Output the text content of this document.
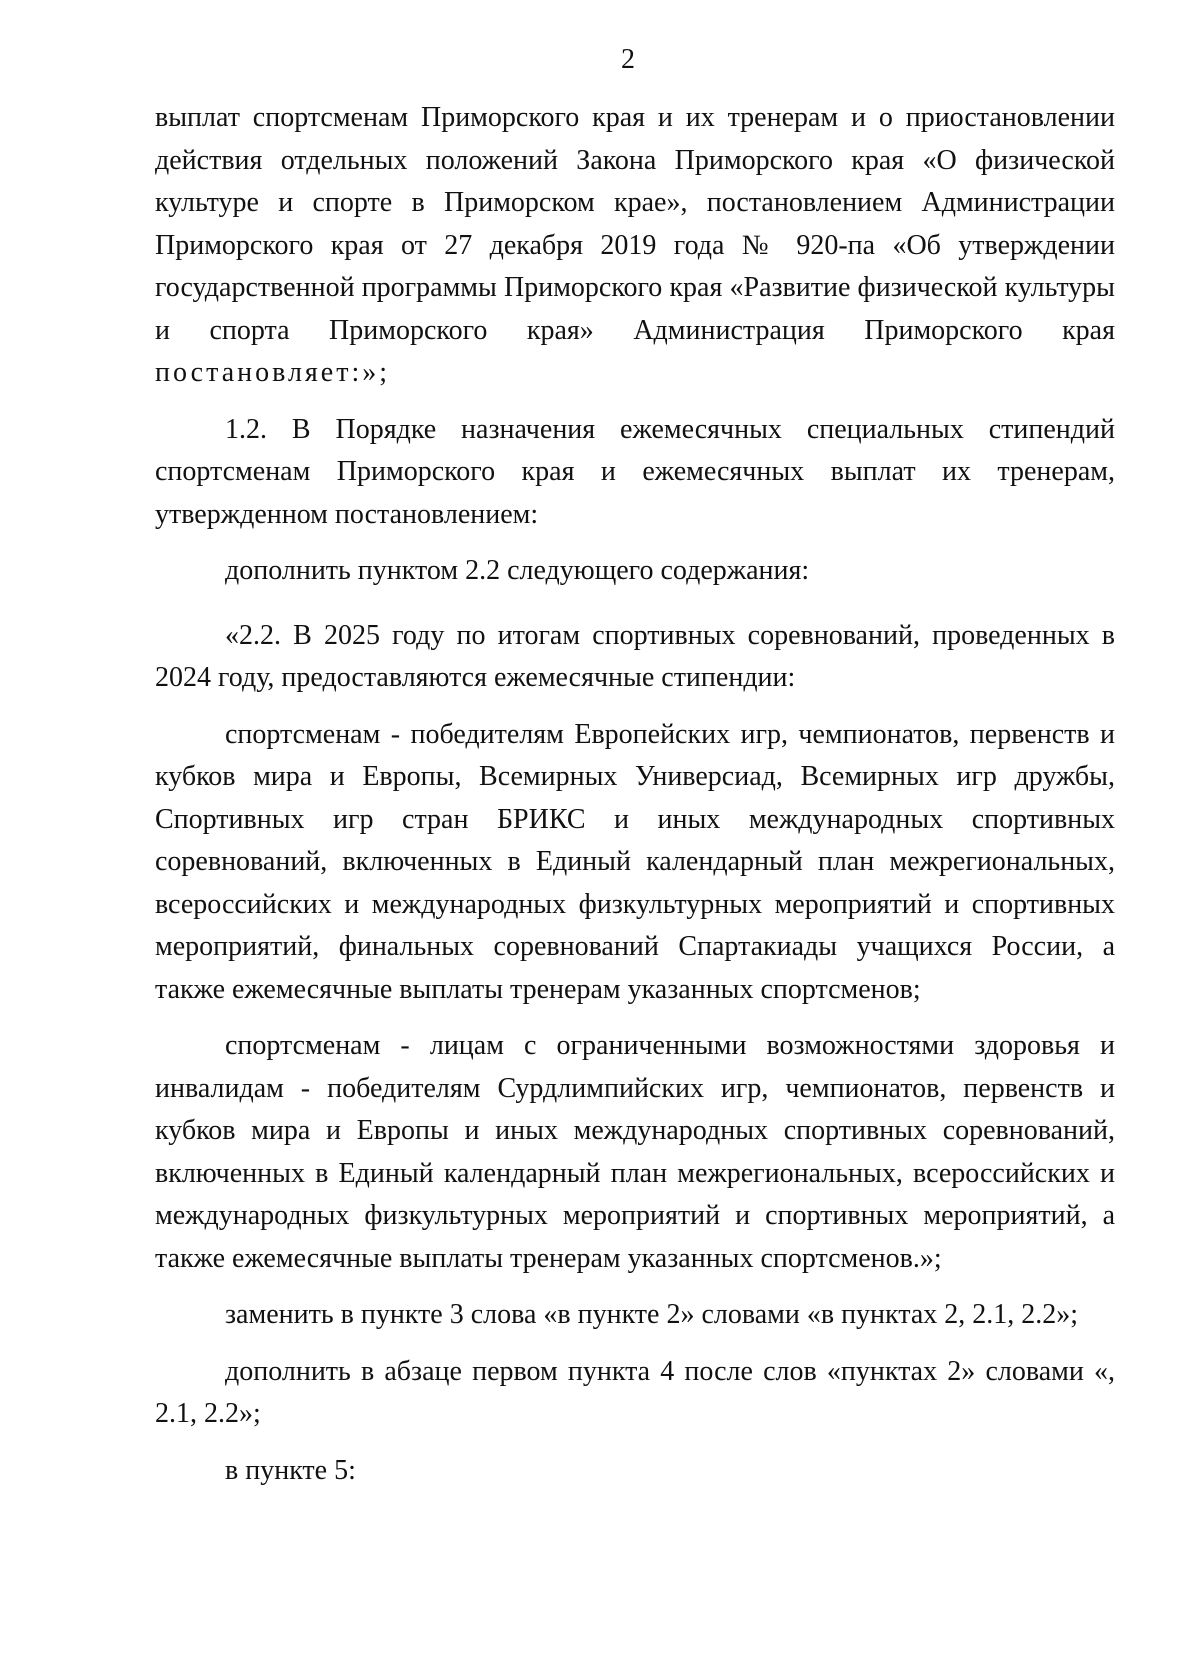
2

выплат спортсменам Приморского края и их тренерам и о приостановлении действия отдельных положений Закона Приморского края «О физической культуре и спорте в Приморском крае», постановлением Администрации Приморского края от 27 декабря 2019 года № 920-па «Об утверждении государственной программы Приморского края «Развитие физической культуры и спорта Приморского края» Администрация Приморского края постановляет:»;

1.2. В Порядке назначения ежемесячных специальных стипендий спортсменам Приморского края и ежемесячных выплат их тренерам, утвержденном постановлением:

дополнить пунктом 2.2 следующего содержания:

«2.2. В 2025 году по итогам спортивных соревнований, проведенных в 2024 году, предоставляются ежемесячные стипендии:

спортсменам - победителям Европейских игр, чемпионатов, первенств и кубков мира и Европы, Всемирных Универсиад, Всемирных игр дружбы, Спортивных игр стран БРИКС и иных международных спортивных соревнований, включенных в Единый календарный план межрегиональных, всероссийских и международных физкультурных мероприятий и спортивных мероприятий, финальных соревнований Спартакиады учащихся России, а также ежемесячные выплаты тренерам указанных спортсменов;

спортсменам - лицам с ограниченными возможностями здоровья и инвалидам - победителям Сурдлимпийских игр, чемпионатов, первенств и кубков мира и Европы и иных международных спортивных соревнований, включенных в Единый календарный план межрегиональных, всероссийских и международных физкультурных мероприятий и спортивных мероприятий, а также ежемесячные выплаты тренерам указанных спортсменов.»;

заменить в пункте 3 слова «в пункте 2» словами «в пунктах 2, 2.1, 2.2»;

дополнить в абзаце первом пункта 4 после слов «пунктах 2» словами «, 2.1, 2.2»;

в пункте 5:
